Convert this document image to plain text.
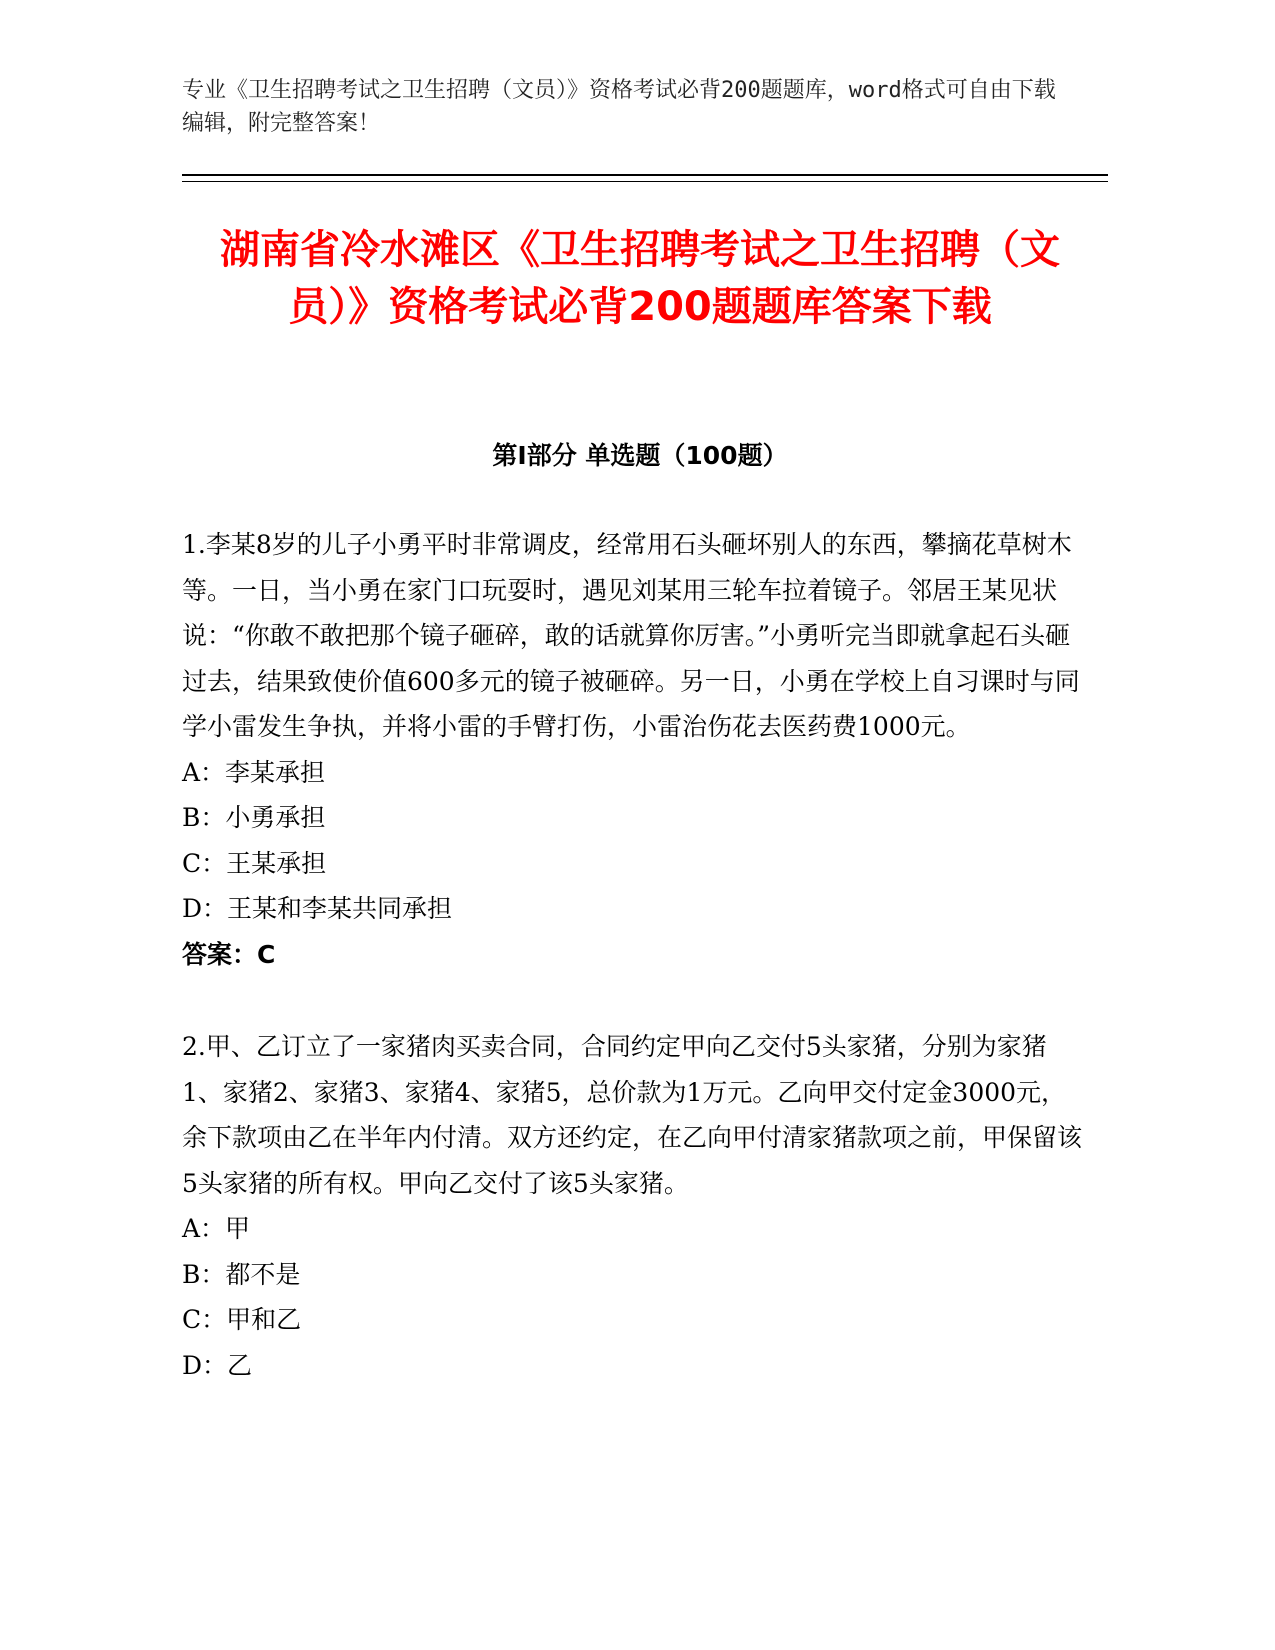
专业《卫生招聘考试之卫生招聘（文员）》资格考试必背200题题库，word格式可自由下载编辑，附完整答案！
湖南省冷水滩区《卫生招聘考试之卫生招聘（文员）》资格考试必背200题题库答案下载
第I部分 单选题（100题）

1.李某8岁的儿子小勇平时非常调皮，经常用石头砸坏别人的东西，攀摘花草树木等。一日，当小勇在家门口玩耍时，遇见刘某用三轮车拉着镜子。邻居王某见状说：“你敢不敢把那个镜子砸碎，敢的话就算你厉害。”小勇听完当即就拿起石头砸过去，结果致使价值600多元的镜子被砸碎。另一日，小勇在学校上自习课时与同学小雷发生争执，并将小雷的手臂打伤，小雷治伤花去医药费1000元。

A：李某承担

B：小勇承担

C：王某承担

D：王某和李某共同承担

答案：C

2.甲、乙订立了一家猪肉买卖合同，合同约定甲向乙交付5头家猪，分别为家猪1、家猪2、家猪3、家猪4、家猪5，总价款为1万元。乙向甲交付定金3000元，余下款项由乙在半年内付清。双方还约定，在乙向甲付清家猪款项之前，甲保留该5头家猪的所有权。甲向乙交付了该5头家猪。

A：甲

B：都不是

C：甲和乙

D：乙
